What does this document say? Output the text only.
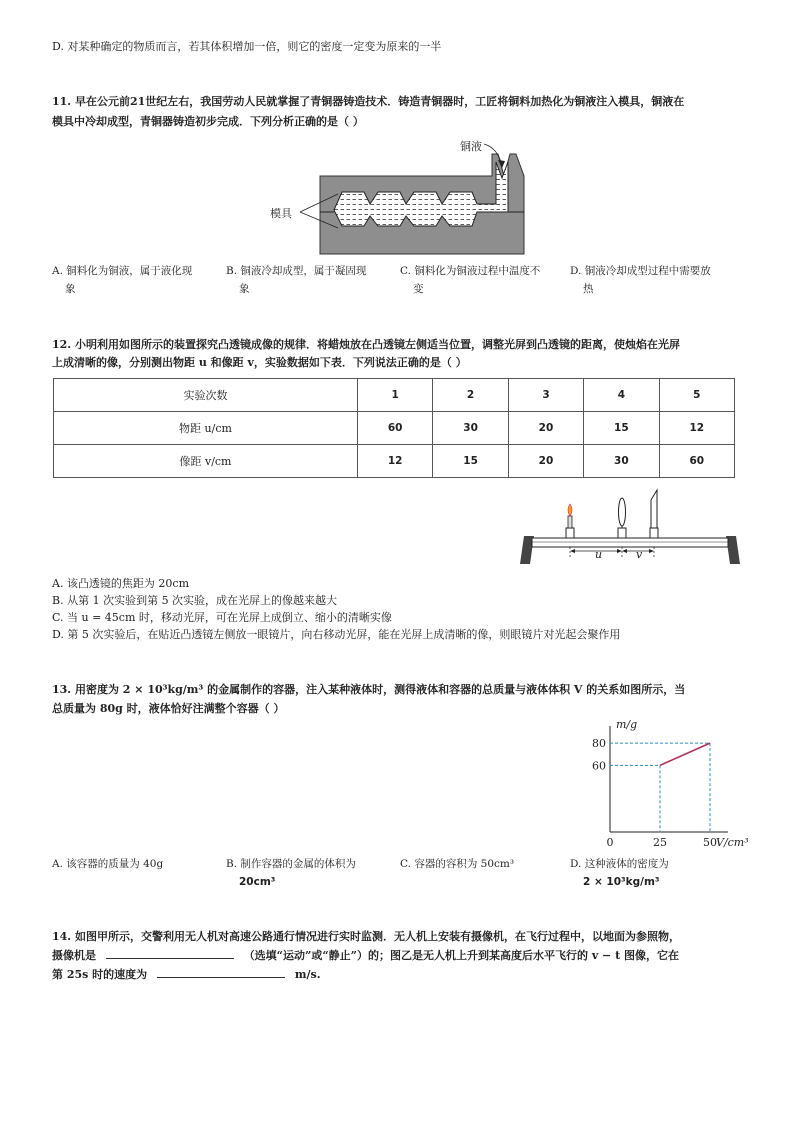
D. 对某种确定的物质而言，若其体积增加一倍，则它的密度一定变为原来的一半
11. 早在公元前21世纪左右，我国劳动人民就掌握了青铜器铸造技术．铸造青铜器时，工匠将铜料加热化为铜液注入模具，铜液在
模具中冷却成型，青铜器铸造初步完成．下列分析正确的是（ ）
铜液
模具
A. 铜料化为铜液，属于液化现
象
B. 铜液冷却成型，属于凝固现
象
C. 铜料化为铜液过程中温度不
变
D. 铜液冷却成型过程中需要放
热
12. 小明利用如图所示的装置探究凸透镜成像的规律．将蜡烛放在凸透镜左侧适当位置，调整光屏到凸透镜的距离，使烛焰在光屏
上成清晰的像，分别测出物距 u 和像距 v，实验数据如下表．下列说法正确的是（ ）
实验次数	1	2	3	4	5
物距 u/cm	60	30	20	15	12
像距 v/cm	12	15	20	30	60
u	v
A. 该凸透镜的焦距为 20cm
B. 从第 1 次实验到第 5 次实验，成在光屏上的像越来越大
C. 当 u = 45cm 时，移动光屏，可在光屏上成倒立、缩小的清晰实像
D. 第 5 次实验后，在贴近凸透镜左侧放一眼镜片，向右移动光屏，能在光屏上成清晰的像，则眼镜片对光起会聚作用
13. 用密度为 2 × 10³kg/m³ 的金属制作的容器，注入某种液体时，测得液体和容器的总质量与液体体积 V 的关系如图所示，当
总质量为 80g 时，液体恰好注满整个容器（ ）
0	25	50
60
80
m/g
V/cm³
A. 该容器的质量为 40g	B. 制作容器的金属的体积为
20cm³
C. 容器的容积为 50cm³	D. 这种液体的密度为
2 × 10³kg/m³
14. 如图甲所示，交警利用无人机对高速公路通行情况进行实时监测．无人机上安装有摄像机，在飞行过程中，以地面为参照物，
摄像机是	（选填“运动”或“静止”）的；图乙是无人机上升到某高度后水平飞行的 v − t 图像，它在
第 25s 时的速度为	m/s.
